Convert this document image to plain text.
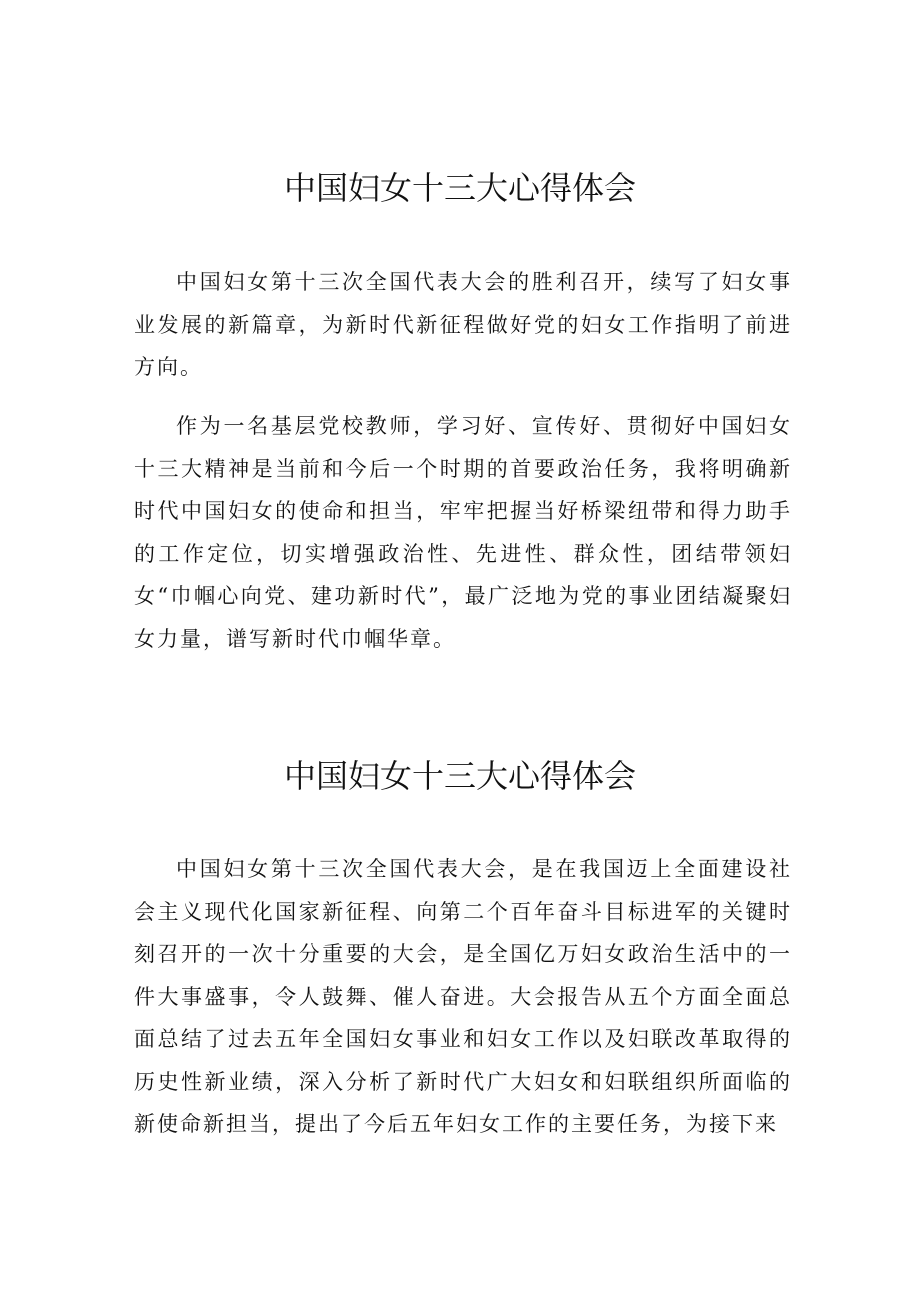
中国妇女十三大心得体会

中国妇女第十三次全国代表大会的胜利召开，续写了妇女事业发展的新篇章，为新时代新征程做好党的妇女工作指明了前进方向。

作为一名基层党校教师，学习好、宣传好、贯彻好中国妇女十三大精神是当前和今后一个时期的首要政治任务，我将明确新时代中国妇女的使命和担当，牢牢把握当好桥梁纽带和得力助手的工作定位，切实增强政治性、先进性、群众性，团结带领妇女“巾帼心向党、建功新时代”，最广泛地为党的事业团结凝聚妇女力量，谱写新时代巾帼华章。

中国妇女十三大心得体会

中国妇女第十三次全国代表大会，是在我国迈上全面建设社会主义现代化国家新征程、向第二个百年奋斗目标进军的关键时刻召开的一次十分重要的大会，是全国亿万妇女政治生活中的一件大事盛事，令人鼓舞、催人奋进。大会报告从五个方面全面总面总结了过去五年全国妇女事业和妇女工作以及妇联改革取得的历史性新业绩，深入分析了新时代广大妇女和妇联组织所面临的新使命新担当，提出了今后五年妇女工作的主要任务，为接下来
